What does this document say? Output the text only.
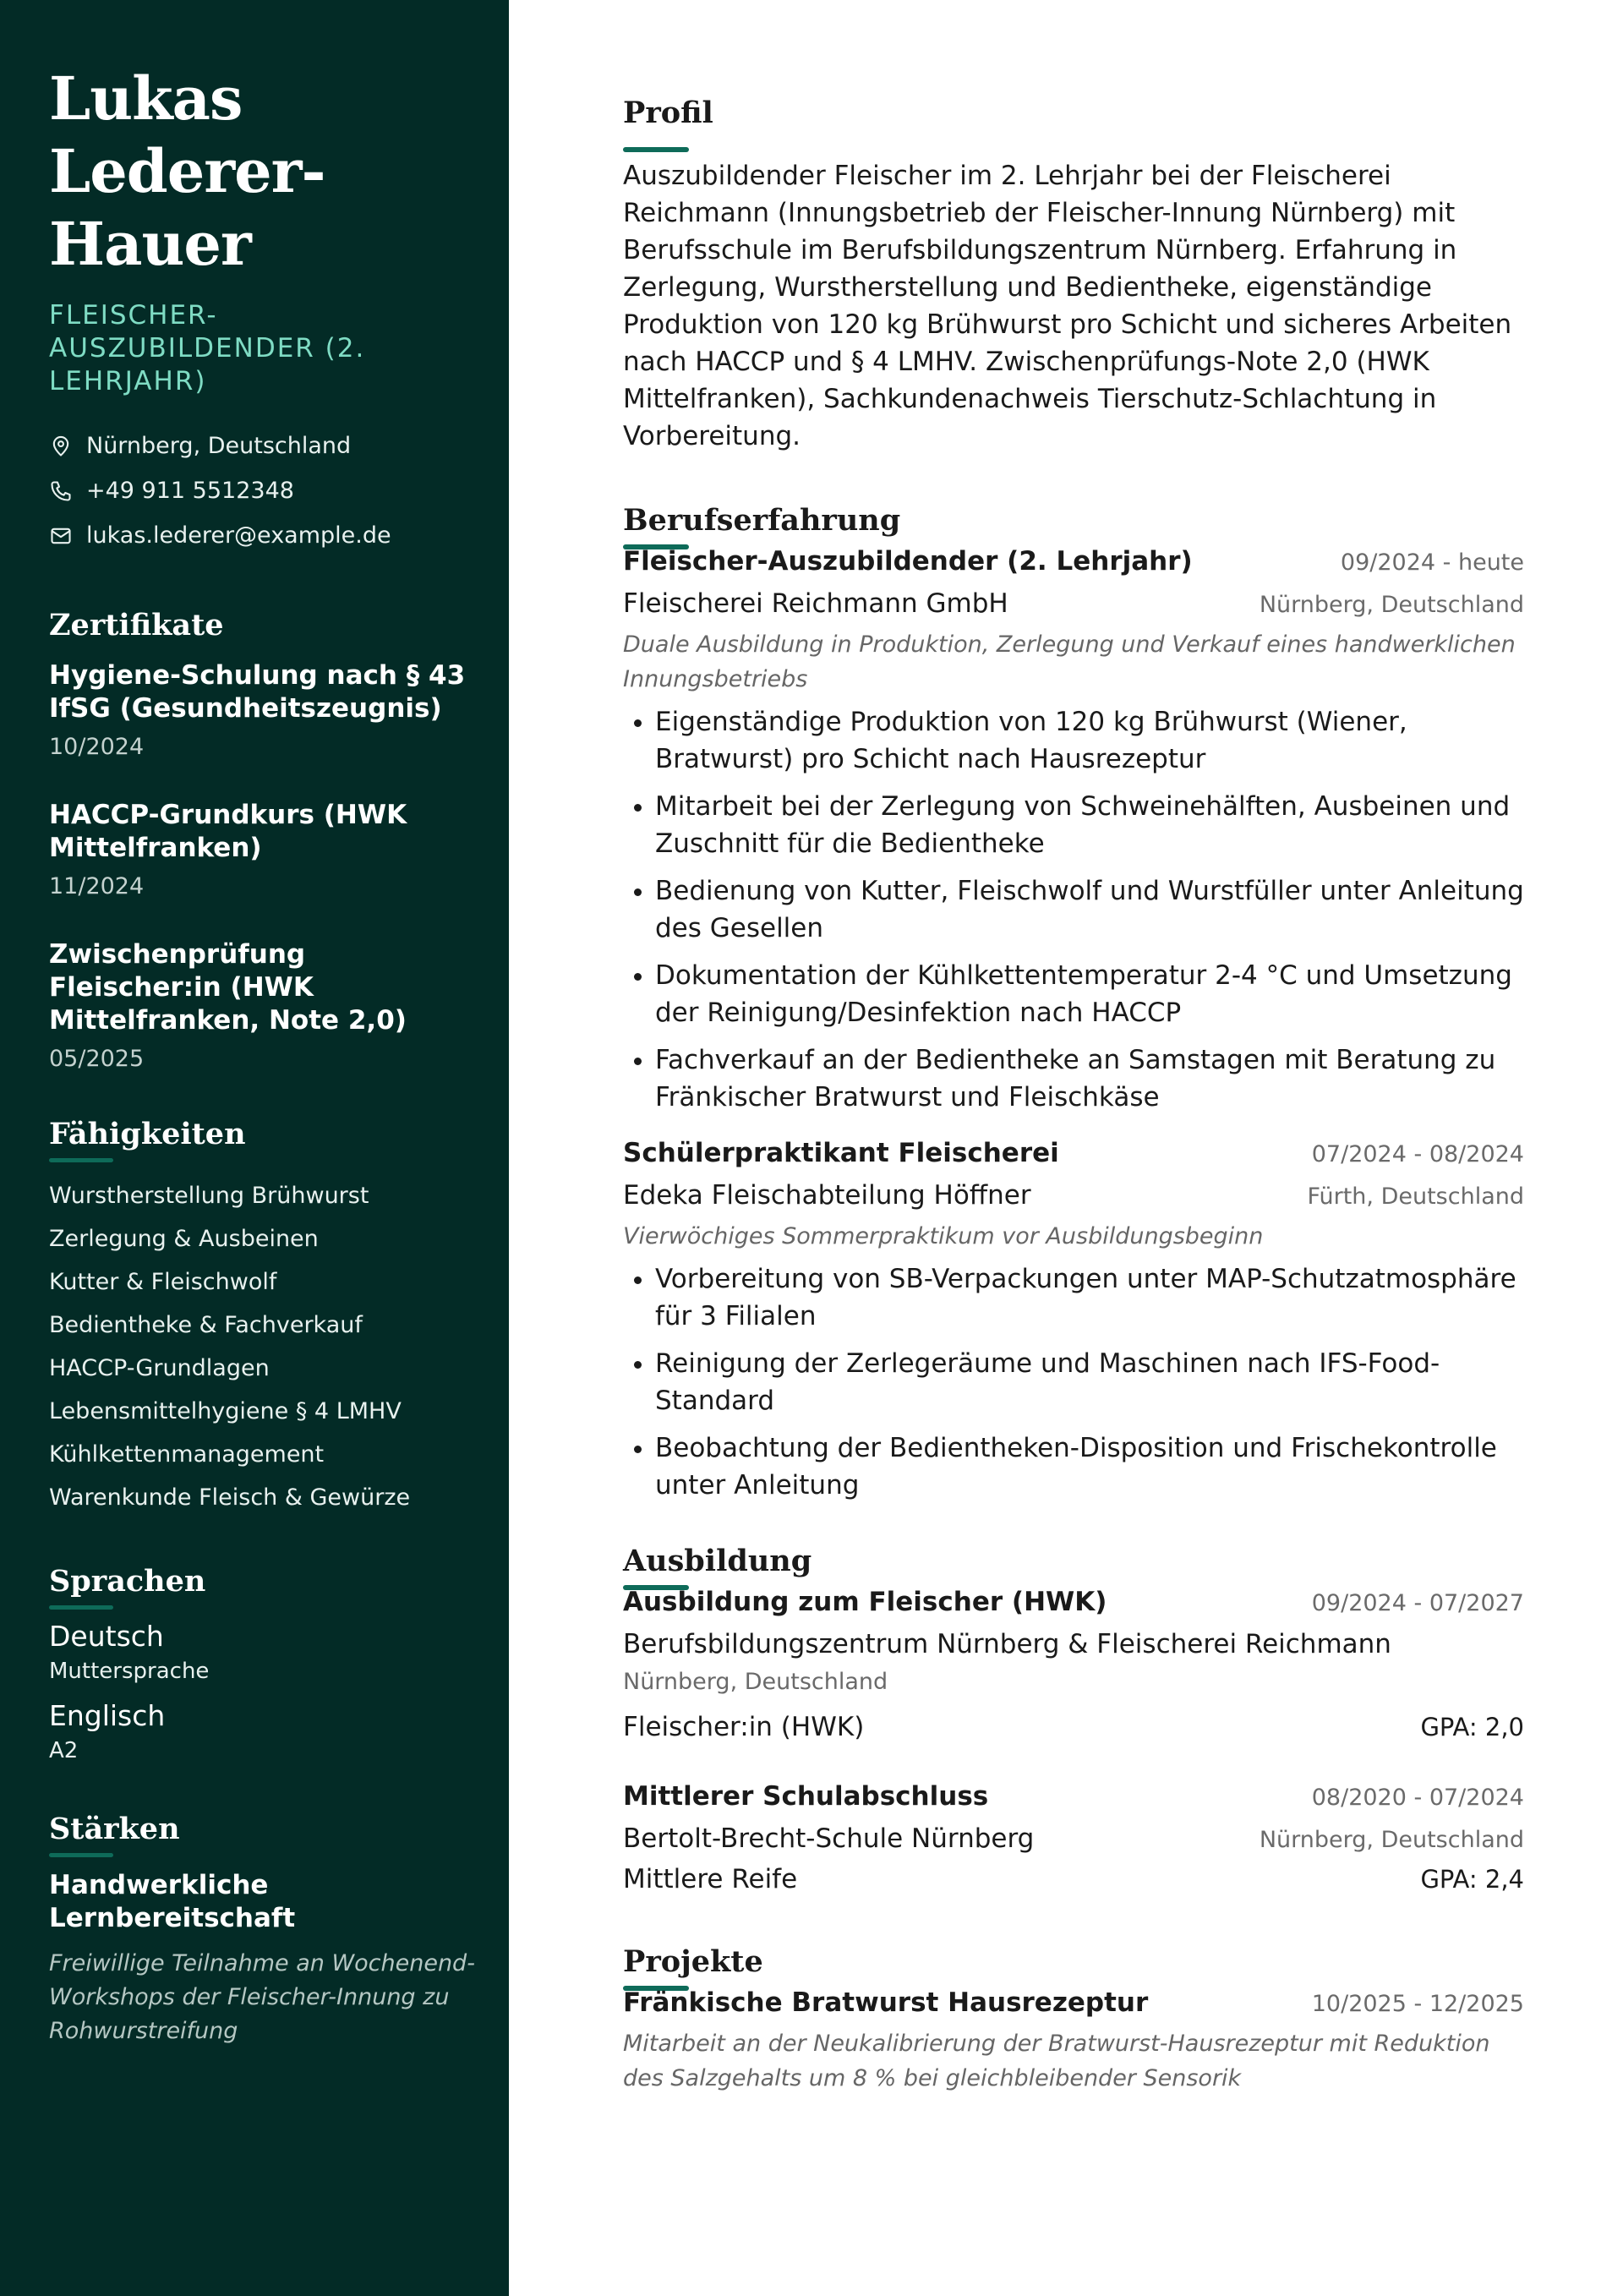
Lukas
Lederer-
Hauer
FLEISCHER-
AUSZUBILDENDER (2.
LEHRJAHR)
Nürnberg, Deutschland
+49 911 5512348
lukas.lederer@example.de
Zertifikate
Hygiene-Schulung nach § 43 IfSG (Gesundheitszeugnis)
10/2024
HACCP-Grundkurs (HWK Mittelfranken)
11/2024
Zwischenprüfung Fleischer:in (HWK Mittelfranken, Note 2,0)
05/2025
Fähigkeiten
Wurstherstellung Brühwurst
Zerlegung & Ausbeinen
Kutter & Fleischwolf
Bedientheke & Fachverkauf
HACCP-Grundlagen
Lebensmittelhygiene § 4 LMHV
Kühlkettenmanagement
Warenkunde Fleisch & Gewürze
Sprachen
Deutsch
Muttersprache
Englisch
A2
Stärken
Handwerkliche Lernbereitschaft
Freiwillige Teilnahme an Wochenend-Workshops der Fleischer-Innung zu Rohwurstreifung
Profil

Auszubildender Fleischer im 2. Lehrjahr bei der Fleischerei Reichmann (Innungsbetrieb der Fleischer-Innung Nürnberg) mit Berufsschule im Berufsbildungszentrum Nürnberg. Erfahrung in Zerlegung, Wurstherstellung und Bedientheke, eigenständige Produktion von 120 kg Brühwurst pro Schicht und sicheres Arbeiten nach HACCP und § 4 LMHV. Zwischenprüfungs-Note 2,0 (HWK Mittelfranken), Sachkundenachweis Tierschutz-Schlachtung in Vorbereitung.

Berufserfahrung
Fleischer-Auszubildender (2. Lehrjahr)	09/2024 - heute
Fleischerei Reichmann GmbH	Nürnberg, Deutschland
Duale Ausbildung in Produktion, Zerlegung und Verkauf eines handwerklichen Innungsbetriebs
• Eigenständige Produktion von 120 kg Brühwurst (Wiener, Bratwurst) pro Schicht nach Hausrezeptur
• Mitarbeit bei der Zerlegung von Schweinehälften, Ausbeinen und Zuschnitt für die Bedientheke
• Bedienung von Kutter, Fleischwolf und Wurstfüller unter Anleitung des Gesellen
• Dokumentation der Kühlkettentemperatur 2-4 °C und Umsetzung der Reinigung/Desinfektion nach HACCP
• Fachverkauf an der Bedientheke an Samstagen mit Beratung zu Fränkischer Bratwurst und Fleischkäse
Schülerpraktikant Fleischerei	07/2024 - 08/2024
Edeka Fleischabteilung Höffner	Fürth, Deutschland
Vierwöchiges Sommerpraktikum vor Ausbildungsbeginn
• Vorbereitung von SB-Verpackungen unter MAP-Schutzatmosphäre für 3 Filialen
• Reinigung der Zerlegeräume und Maschinen nach IFS-Food-Standard
• Beobachtung der Bedientheken-Disposition und Frischekontrolle unter Anleitung
Ausbildung
Ausbildung zum Fleischer (HWK)	09/2024 - 07/2027
Berufsbildungszentrum Nürnberg & Fleischerei Reichmann
Nürnberg, Deutschland
Fleischer:in (HWK)	GPA: 2,0
Mittlerer Schulabschluss	08/2020 - 07/2024
Bertolt-Brecht-Schule Nürnberg	Nürnberg, Deutschland
Mittlere Reife	GPA: 2,4
Projekte
Fränkische Bratwurst Hausrezeptur	10/2025 - 12/2025
Mitarbeit an der Neukalibrierung der Bratwurst-Hausrezeptur mit Reduktion des Salzgehalts um 8 % bei gleichbleibender Sensorik
